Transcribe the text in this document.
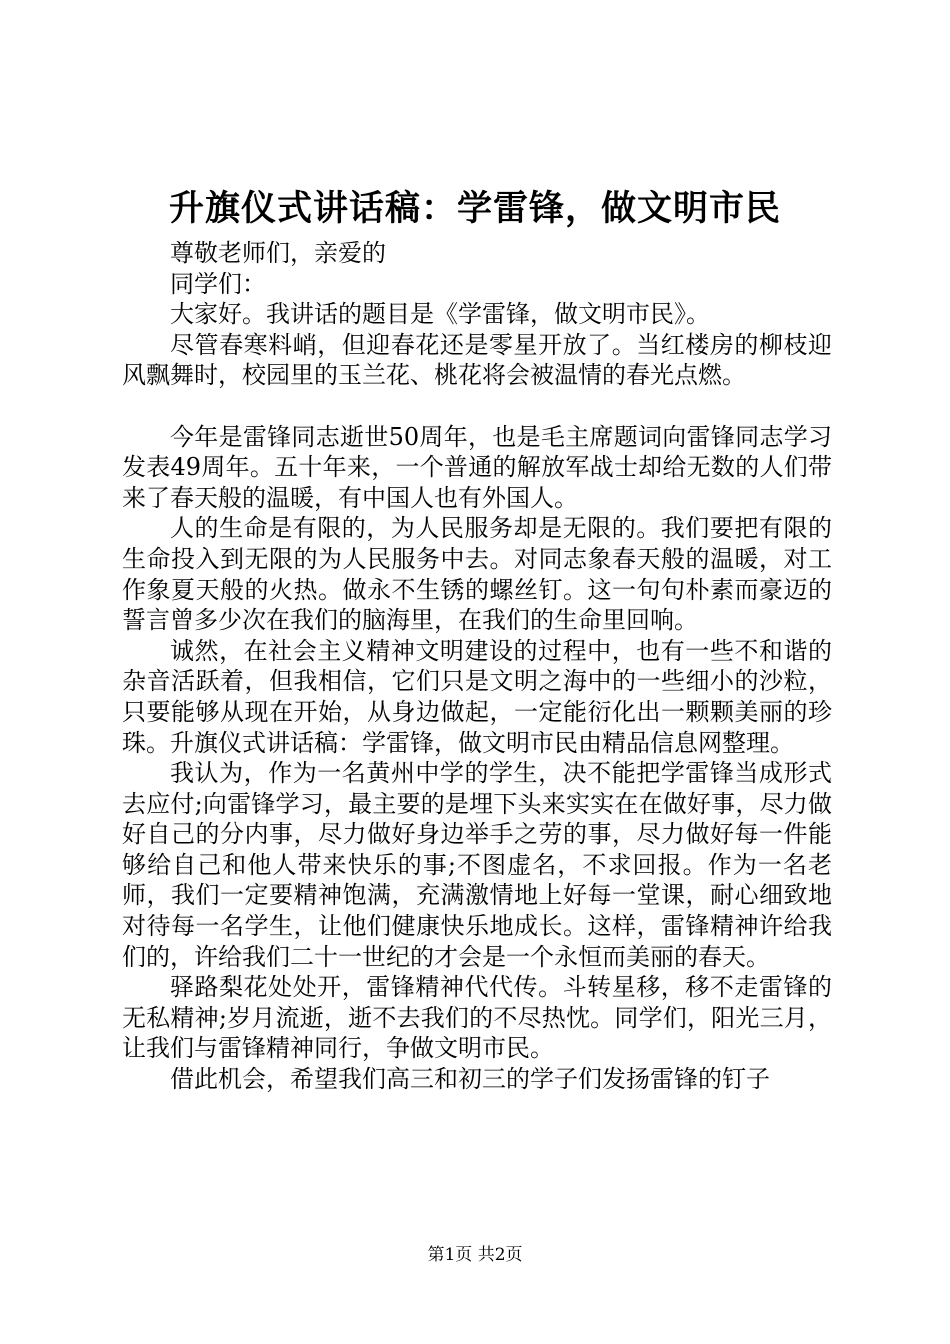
升旗仪式讲话稿：学雷锋，做文明市民

尊敬老师们，亲爱的

同学们：

大家好。我讲话的题目是《学雷锋，做文明市民》。

尽管春寒料峭，但迎春花还是零星开放了。当红楼房的柳枝迎风飘舞时，校园里的玉兰花、桃花将会被温情的春光点燃。

今年是雷锋同志逝世50周年，也是毛主席题词向雷锋同志学习发表49周年。五十年来，一个普通的解放军战士却给无数的人们带来了春天般的温暖，有中国人也有外国人。

人的生命是有限的，为人民服务却是无限的。我们要把有限的生命投入到无限的为人民服务中去。对同志象春天般的温暖，对工作象夏天般的火热。做永不生锈的螺丝钉。这一句句朴素而豪迈的誓言曾多少次在我们的脑海里，在我们的生命里回响。

诚然，在社会主义精神文明建设的过程中，也有一些不和谐的杂音活跃着，但我相信，它们只是文明之海中的一些细小的沙粒，只要能够从现在开始，从身边做起，一定能衍化出一颗颗美丽的珍珠。升旗仪式讲话稿：学雷锋，做文明市民由精品信息网整理。

我认为，作为一名黄州中学的学生，决不能把学雷锋当成形式去应付;向雷锋学习，最主要的是埋下头来实实在在做好事，尽力做好自己的分内事，尽力做好身边举手之劳的事，尽力做好每一件能够给自己和他人带来快乐的事;不图虚名，不求回报。作为一名老师，我们一定要精神饱满，充满激情地上好每一堂课，耐心细致地对待每一名学生，让他们健康快乐地成长。这样，雷锋精神许给我们的，许给我们二十一世纪的才会是一个永恒而美丽的春天。

驿路梨花处处开，雷锋精神代代传。斗转星移，移不走雷锋的无私精神;岁月流逝，逝不去我们的不尽热忱。同学们，阳光三月，让我们与雷锋精神同行，争做文明市民。

借此机会，希望我们高三和初三的学子们发扬雷锋的钉子

第1页 共2页
